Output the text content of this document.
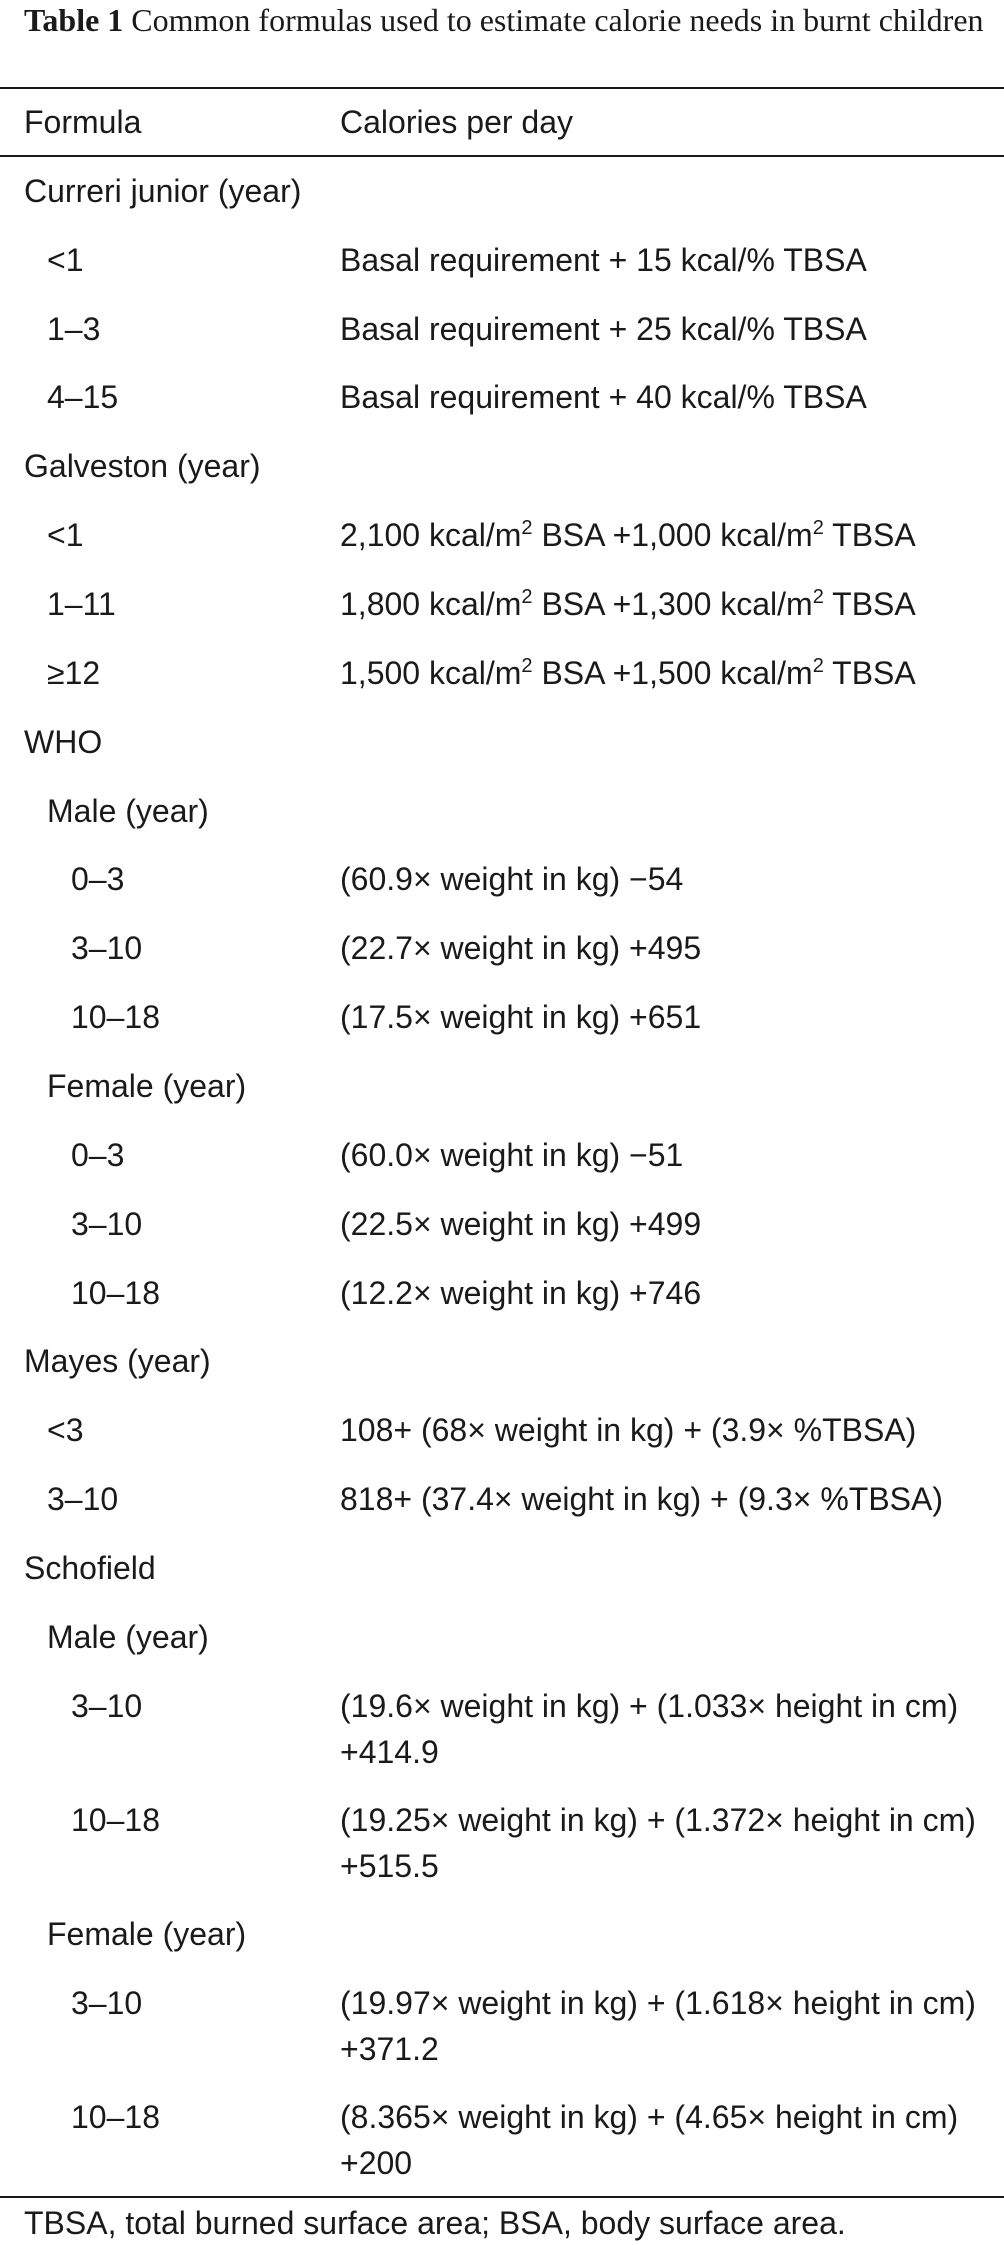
Table 1 Common formulas used to estimate calorie needs in burnt children
Formula	Calories per day
Curreri junior (year)
<1	Basal requirement + 15 kcal/% TBSA
1–3	Basal requirement + 25 kcal/% TBSA
4–15	Basal requirement + 40 kcal/% TBSA
Galveston (year)
<1	2,100 kcal/$m^2$ BSA +1,000 kcal/$m^2$ TBSA
1–11	1,800 kcal/$m^2$ BSA +1,300 kcal/$m^2$ TBSA
≥12	1,500 kcal/$m^2$ BSA +1,500 kcal/$m^2$ TBSA
WHO
Male (year)
0–3	(60.9× weight in kg) −54
3–10	(22.7× weight in kg) +495
10–18	(17.5× weight in kg) +651
Female (year)
0–3	(60.0× weight in kg) −51
3–10	(22.5× weight in kg) +499
10–18	(12.2× weight in kg) +746
Mayes (year)
<3	108+ (68× weight in kg) + (3.9× %TBSA)
3–10	818+ (37.4× weight in kg) + (9.3× %TBSA)
Schofield
Male (year)
3–10	(19.6× weight in kg) + (1.033× height in cm)
+414.9
10–18	(19.25× weight in kg) + (1.372× height in cm)
+515.5
Female (year)
3–10	(19.97× weight in kg) + (1.618× height in cm)
+371.2
10–18	(8.365× weight in kg) + (4.65× height in cm)
+200
TBSA, total burned surface area; BSA, body surface area.
